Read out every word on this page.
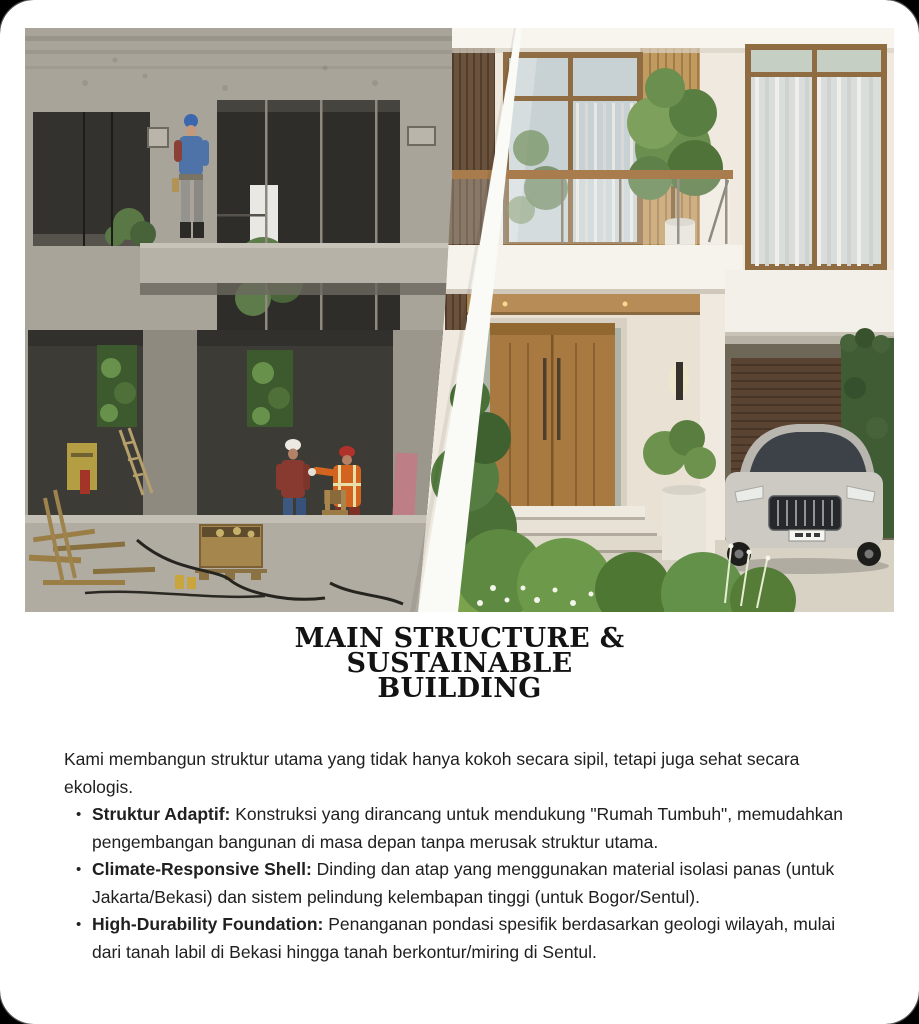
MAIN STRUCTURE &
SUSTAINABLE
BUILDING

Kami membangun struktur utama yang tidak hanya kokoh secara sipil, tetapi juga sehat secara ekologis.

• Struktur Adaptif: Konstruksi yang dirancang untuk mendukung "Rumah Tumbuh", memudahkan pengembangan bangunan di masa depan tanpa merusak struktur utama.
• Climate-Responsive Shell: Dinding dan atap yang menggunakan material isolasi panas (untuk Jakarta/Bekasi) dan sistem pelindung kelembapan tinggi (untuk Bogor/Sentul).
• High-Durability Foundation: Penanganan pondasi spesifik berdasarkan geologi wilayah, mulai dari tanah labil di Bekasi hingga tanah berkontur/miring di Sentul.
